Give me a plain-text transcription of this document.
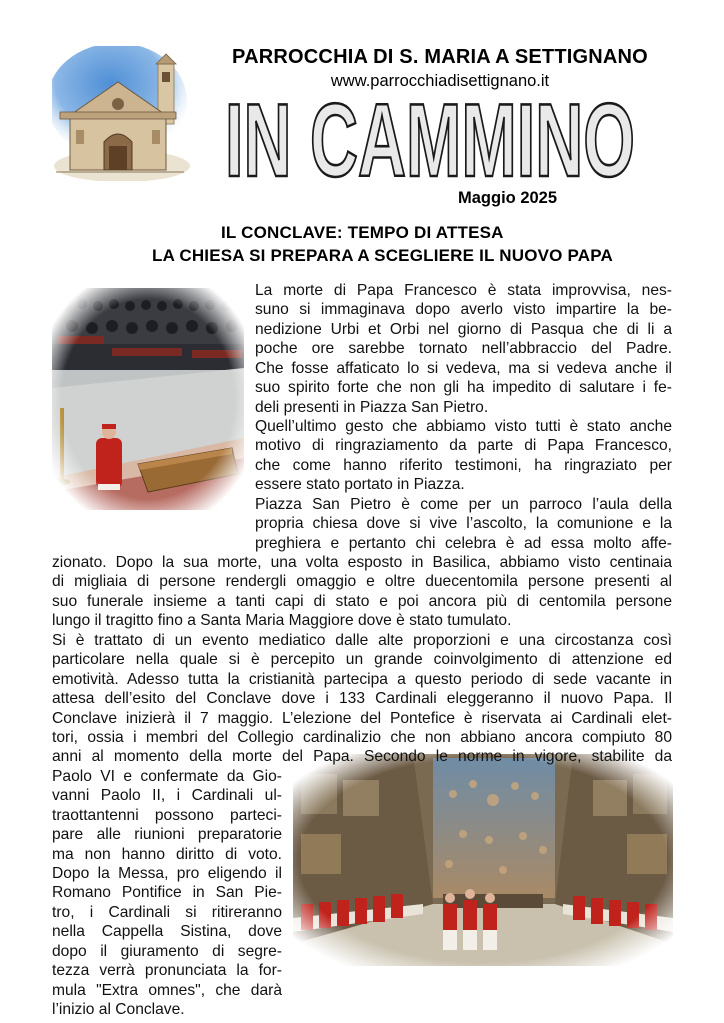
PARROCCHIA DI S. MARIA A SETTIGNANO
www.parrocchiadisettignano.it
IN CAMMINO
Maggio 2025
IL CONCLAVE: TEMPO DI ATTESA
LA CHIESA SI PREPARA A SCEGLIERE IL NUOVO PAPA
La morte di Papa Francesco è stata improvvisa, nes-
suno si immaginava dopo averlo visto impartire la be-
nedizione Urbi et Orbi nel giorno di Pasqua che di li a
poche ore sarebbe tornato nell’abbraccio del Padre.
Che fosse affaticato lo si vedeva, ma si vedeva anche il
suo spirito forte che non gli ha impedito di salutare i fe-
deli presenti in Piazza San Pietro.
Quell’ultimo gesto che abbiamo visto tutti è stato anche
motivo di ringraziamento da parte di Papa Francesco,
che come hanno riferito testimoni, ha ringraziato per
essere stato portato in Piazza.
Piazza San Pietro è come per un parroco l’aula della
propria chiesa dove si vive l’ascolto, la comunione e la
preghiera e pertanto chi celebra è ad essa molto affe-
zionato. Dopo la sua morte, una volta esposto in Basilica, abbiamo visto centinaia
di migliaia di persone rendergli omaggio e oltre duecentomila persone presenti al
suo funerale insieme a tanti capi di stato e poi ancora più di centomila persone
lungo il tragitto fino a Santa Maria Maggiore dove è stato tumulato.
Si è trattato di un evento mediatico dalle alte proporzioni e una circostanza così
particolare nella quale si è percepito un grande coinvolgimento di attenzione ed
emotività. Adesso tutta la cristianità partecipa a questo periodo di sede vacante in
attesa dell’esito del Conclave dove i 133 Cardinali eleggeranno il nuovo Papa. Il
Conclave inizierà il 7 maggio. L’elezione del Pontefice è riservata ai Cardinali elet-
tori, ossia i membri del Collegio cardinalizio che non abbiano ancora compiuto 80
anni al momento della morte del Papa. Secondo le norme in vigore, stabilite da
Paolo VI e confermate da Gio-
vanni Paolo II, i Cardinali ul-
traottantenni possono parteci-
pare alle riunioni preparatorie
ma non hanno diritto di voto.
Dopo la Messa, pro eligendo il
Romano Pontifice in San Pie-
tro, i Cardinali si ritireranno
nella Cappella Sistina, dove
dopo il giuramento di segre-
tezza verrà pronunciata la for-
mula "Extra omnes", che darà
l’inizio al Conclave.
